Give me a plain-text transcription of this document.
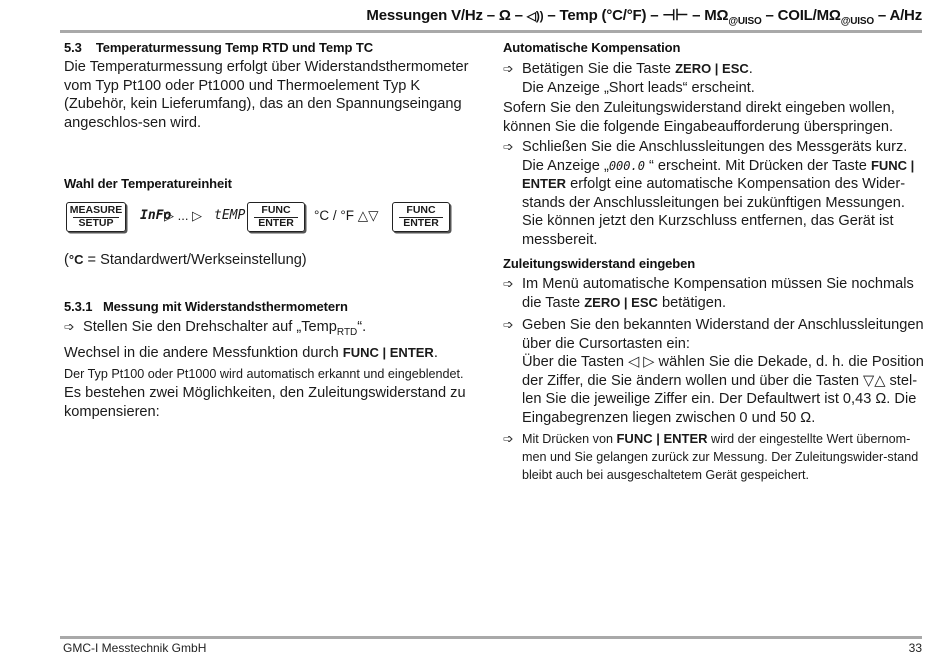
Messungen V/Hz – Ω – ◁)) – Temp (°C/°F) – ⊣⊢ – $M\Omega_{@UISO}$ – COIL/$M\Omega_{@UISO} - A/Hz$

5.3    Temperaturmessung Temp RTD und Temp TC

Die Temperaturmessung erfolgt über Widerstandsthermometer vom Typ Pt100 oder Pt1000 und Thermoelement Typ K (Zubehör, kein Lieferumfang), das an den Spannungseingang angeschlos-sen wird.

Wahl der Temperatureinheit

MEASURE
SETUP	InFo
▷ ... ▷ tEMP	FUNC
ENTER	°C / °F △▽	FUNC
ENTER

(°C = Standardwert/Werkseinstellung)

5.3.1   Messung mit Widerstandsthermometern

➩ Stellen Sie den Drehschalter auf „Temp$_{RTD}$“.

Wechsel in die andere Messfunktion durch FUNC | ENTER.

Der Typ Pt100 oder Pt1000 wird automatisch erkannt und eingeblendet.

Es bestehen zwei Möglichkeiten, den Zuleitungswiderstand zu kompensieren:

Automatische Kompensation

➩ Betätigen Sie die Taste ZERO | ESC.
Die Anzeige „Short leads“ erscheint.

Sofern Sie den Zuleitungswiderstand direkt eingeben wollen, können Sie die folgende Eingabeaufforderung überspringen.

➩ Schließen Sie die Anschlussleitungen des Messgeräts kurz. Die Anzeige „000.0 “ erscheint. Mit Drücken der Taste FUNC | ENTER erfolgt eine automatische Kompensation des Wider-stands der Anschlussleitungen bei zukünftigen Messungen. Sie können jetzt den Kurzschluss entfernen, das Gerät ist messbereit.

Zuleitungswiderstand eingeben

➩ Im Menü automatische Kompensation müssen Sie nochmals die Taste ZERO | ESC betätigen.

➩ Geben Sie den bekannten Widerstand der Anschlussleitungen über die Cursortasten ein:
Über die Tasten ◁ ▷ wählen Sie die Dekade, d. h. die Position der Ziffer, die Sie ändern wollen und über die Tasten ▽△ stel-len Sie die jeweilige Ziffer ein. Der Defaultwert ist 0,43 Ω. Die Eingabegrenzen liegen zwischen 0 und 50 Ω.

➩ Mit Drücken von FUNC | ENTER wird der eingestellte Wert übernom-men und Sie gelangen zurück zur Messung. Der Zuleitungswider-stand bleibt auch bei ausgeschaltetem Gerät gespeichert.

GMC-I Messtechnik GmbH	33
